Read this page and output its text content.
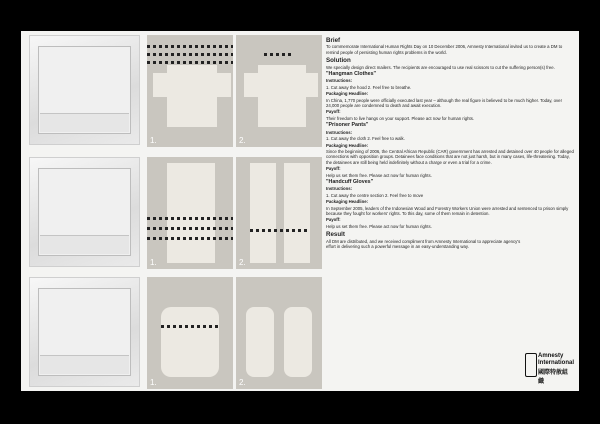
1.	2.
1.	2.
1.	2.
Brief

To commemorate International Human Rights Day on 10 December 2006, Amnesty International invited us to create a DM to remind people of persisting human rights problems in the world.

Solution

We specially design direct mailers. The recipients are encouraged to use real scissors to cut the suffering person(s) free.

"Hangman Clothes"

Instructions:

1. Cut away the hood 2. Feel free to breathe.

Packaging Headline:

In China, 1,770 people were officially executed last year – although the real figure is believed to be much higher. Today, over 24,000 people are condemned to death and await execution.

Payoff:

Their freedom to live hangs on your support. Please act now for human rights.

"Prisoner Pants"

Instructions:

1. Cut away the cloth 2. Feel free to walk.

Packaging Headline:

Since the beginning of 2006, the Central African Republic (CAR) government has arrested and detained over 40 people for alleged connections with opposition groups. Detainees face conditions that are not just harsh, but in many cases, life-threatening. Today, the detainees are still being held indefinitely without a charge or even a trial for a crime.

Payoff:

Help us set them free. Please act now for human rights.

"Handcuff Gloves"

Instructions:

1. Cut away the centre section 2. Feel free to move

Packaging Headline:

In September 2005, leaders of the Indonesian Wood and Forestry Workers Union were arrested and sentenced to prison simply because they fought for workers' rights. To this day, some of them remain in detention.

Payoff:

Help us set them free. Please act now for human rights.

Result

All DM are distributed, and we received compliment from Amnesty International to appreciate agency's effort in delivering such a powerful message in an easy-understanding way.

Amnesty
International
國際特赦組織
